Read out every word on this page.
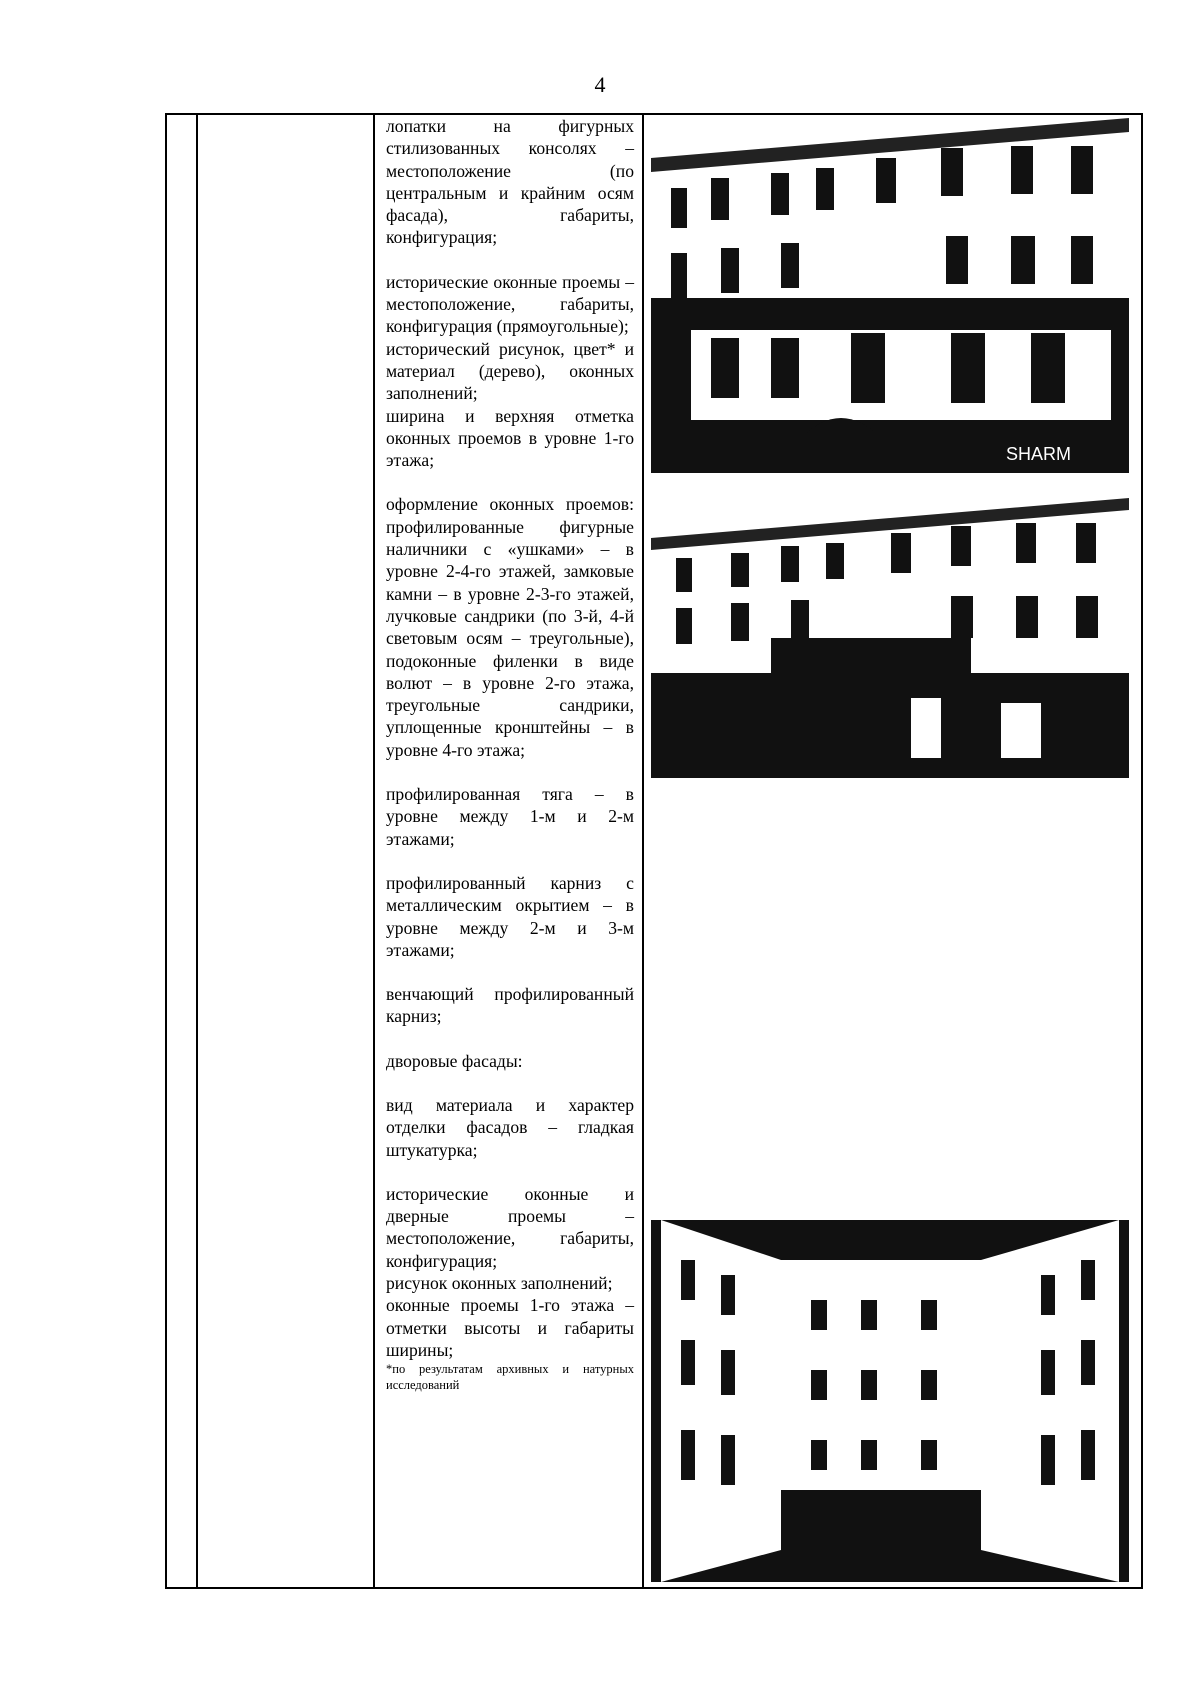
4

лопатки на фигурных стилизованных консолях – местоположение (по центральным и крайним осям фасада), габариты, конфигурация;

исторические оконные проемы – местоположение, габариты, конфигурация (прямоугольные);

исторический рисунок, цвет* и материал (дерево), оконных заполнений;

ширина и верхняя отметка оконных проемов в уровне 1-го этажа;

оформление оконных проемов: профилированные фигурные наличники с «ушками» – в уровне 2-4-го этажей, замковые камни – в уровне 2-3-го этажей, лучковые сандрики (по 3-й, 4-й световым осям – треугольные), подоконные филенки в виде волют – в уровне 2-го этажа, треугольные сандрики, уплощенные кронштейны – в уровне 4-го этажа;

профилированная тяга – в уровне между 1-м и 2-м этажами;

профилированный карниз с металлическим окрытием – в уровне между 2-м и 3-м этажами;

венчающий профилированный карниз;

дворовые фасады:

вид материала и характер отделки фасадов – гладкая штукатурка;

исторические оконные и дверные проемы – местоположение, габариты, конфигурация;

рисунок оконных заполнений;

оконные проемы 1-го этажа – отметки высоты и габариты ширины;

*по результатам архивных и натурных исследований

SHARM
